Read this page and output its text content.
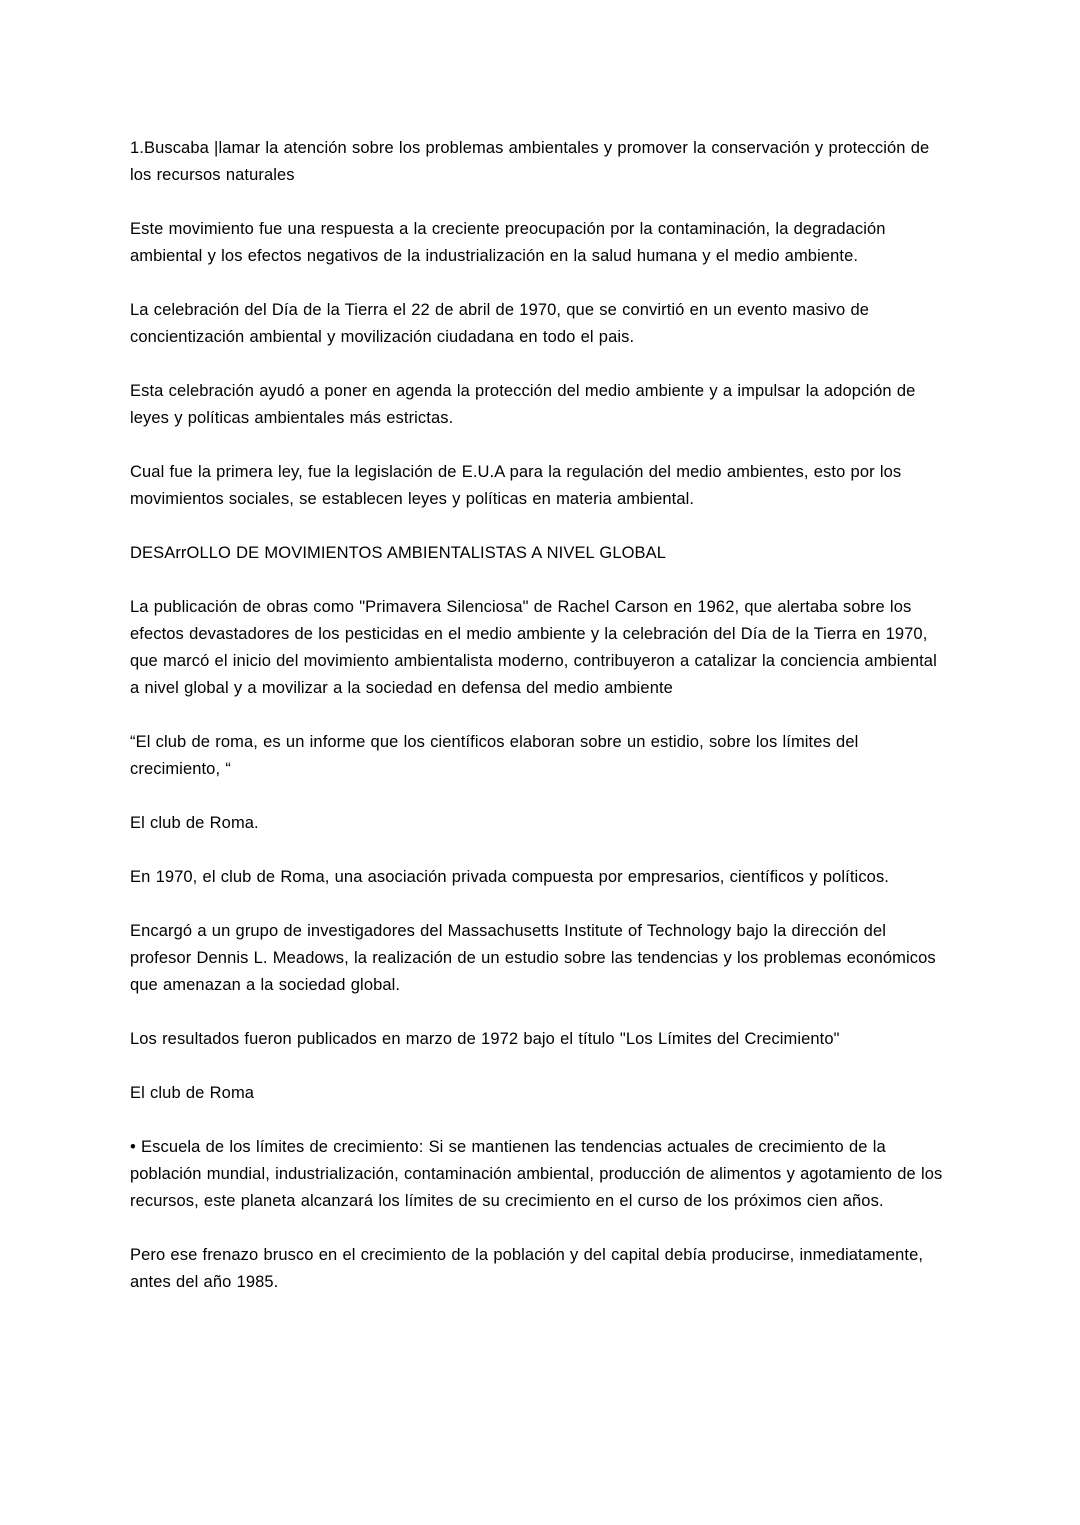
1.Buscaba |lamar la atención sobre los problemas ambientales y promover la conservación y protección de los recursos naturales

Este movimiento fue una respuesta a la creciente preocupación por la contaminación, la degradación ambiental y los efectos negativos de la industrialización en la salud humana y el medio ambiente.

La celebración del Día de la Tierra el 22 de abril de 1970, que se convirtió en un evento masivo de concientización ambiental y movilización ciudadana en todo el pais.

Esta celebración ayudó a poner en agenda la protección del medio ambiente y a impulsar la adopción de leyes y políticas ambientales más estrictas.

Cual fue la primera ley, fue la legislación de E.U.A para la regulación del medio ambientes, esto por los movimientos sociales, se establecen leyes y políticas en materia ambiental.

DESArrOLLO DE MOVIMIENTOS AMBIENTALISTAS A NIVEL GLOBAL

La publicación de obras como "Primavera Silenciosa" de Rachel Carson en 1962, que alertaba sobre los efectos devastadores de los pesticidas en el medio ambiente y la celebración del Día de la Tierra en 1970, que marcó el inicio del movimiento ambientalista moderno, contribuyeron a catalizar la conciencia ambiental a nivel global y a movilizar a la sociedad en defensa del medio ambiente

“El club de roma, es un informe que los científicos elaboran sobre un estidio, sobre los límites del crecimiento, “

El club de Roma.

En 1970, el club de Roma, una asociación privada compuesta por empresarios, científicos y políticos.

Encargó a un grupo de investigadores del Massachusetts Institute of Technology bajo la dirección del profesor Dennis L. Meadows, la realización de un estudio sobre las tendencias y los problemas económicos que amenazan a la sociedad global.

Los resultados fueron publicados en marzo de 1972 bajo el título "Los Límites del Crecimiento"

El club de Roma

• Escuela de los límites de crecimiento: Si se mantienen las tendencias actuales de crecimiento de la población mundial, industrialización, contaminación ambiental, producción de alimentos y agotamiento de los recursos, este planeta alcanzará los límites de su crecimiento en el curso de los próximos cien años.

Pero ese frenazo brusco en el crecimiento de la población y del capital debía producirse, inmediatamente, antes del año 1985.
